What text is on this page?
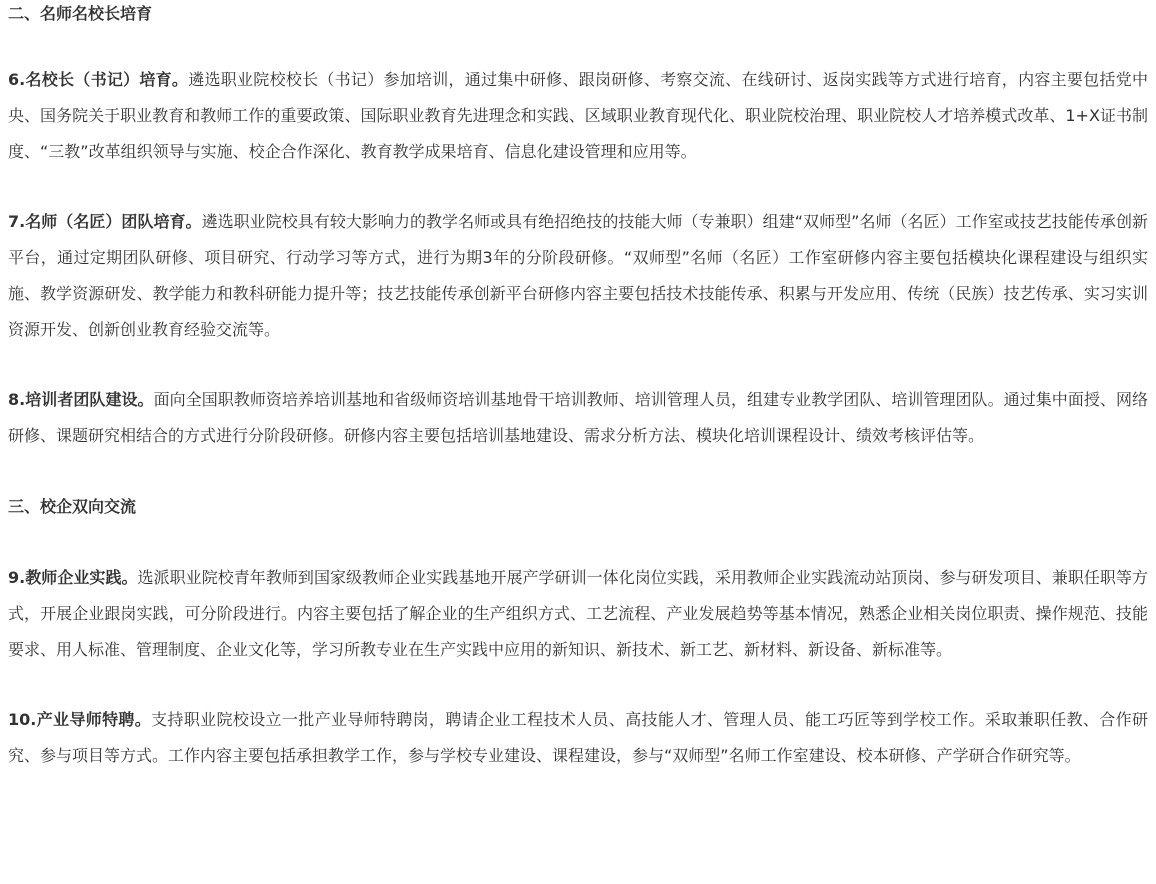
二、名师名校长培育

6.名校长（书记）培育。遴选职业院校校长（书记）参加培训，通过集中研修、跟岗研修、考察交流、在线研讨、返岗实践等方式进行培育，内容主要包括党中央、国务院关于职业教育和教师工作的重要政策、国际职业教育先进理念和实践、区域职业教育现代化、职业院校治理、职业院校人才培养模式改革、1+X证书制度、“三教”改革组织领导与实施、校企合作深化、教育教学成果培育、信息化建设管理和应用等。

7.名师（名匠）团队培育。遴选职业院校具有较大影响力的教学名师或具有绝招绝技的技能大师（专兼职）组建“双师型”名师（名匠）工作室或技艺技能传承创新平台，通过定期团队研修、项目研究、行动学习等方式，进行为期3年的分阶段研修。“双师型”名师（名匠）工作室研修内容主要包括模块化课程建设与组织实施、教学资源研发、教学能力和教科研能力提升等；技艺技能传承创新平台研修内容主要包括技术技能传承、积累与开发应用、传统（民族）技艺传承、实习实训资源开发、创新创业教育经验交流等。

8.培训者团队建设。面向全国职教师资培养培训基地和省级师资培训基地骨干培训教师、培训管理人员，组建专业教学团队、培训管理团队。通过集中面授、网络研修、课题研究相结合的方式进行分阶段研修。研修内容主要包括培训基地建设、需求分析方法、模块化培训课程设计、绩效考核评估等。

三、校企双向交流

9.教师企业实践。选派职业院校青年教师到国家级教师企业实践基地开展产学研训一体化岗位实践，采用教师企业实践流动站顶岗、参与研发项目、兼职任职等方式，开展企业跟岗实践，可分阶段进行。内容主要包括了解企业的生产组织方式、工艺流程、产业发展趋势等基本情况，熟悉企业相关岗位职责、操作规范、技能要求、用人标准、管理制度、企业文化等，学习所教专业在生产实践中应用的新知识、新技术、新工艺、新材料、新设备、新标准等。

10.产业导师特聘。支持职业院校设立一批产业导师特聘岗，聘请企业工程技术人员、高技能人才、管理人员、能工巧匠等到学校工作。采取兼职任教、合作研究、参与项目等方式。工作内容主要包括承担教学工作，参与学校专业建设、课程建设，参与“双师型”名师工作室建设、校本研修、产学研合作研究等。
